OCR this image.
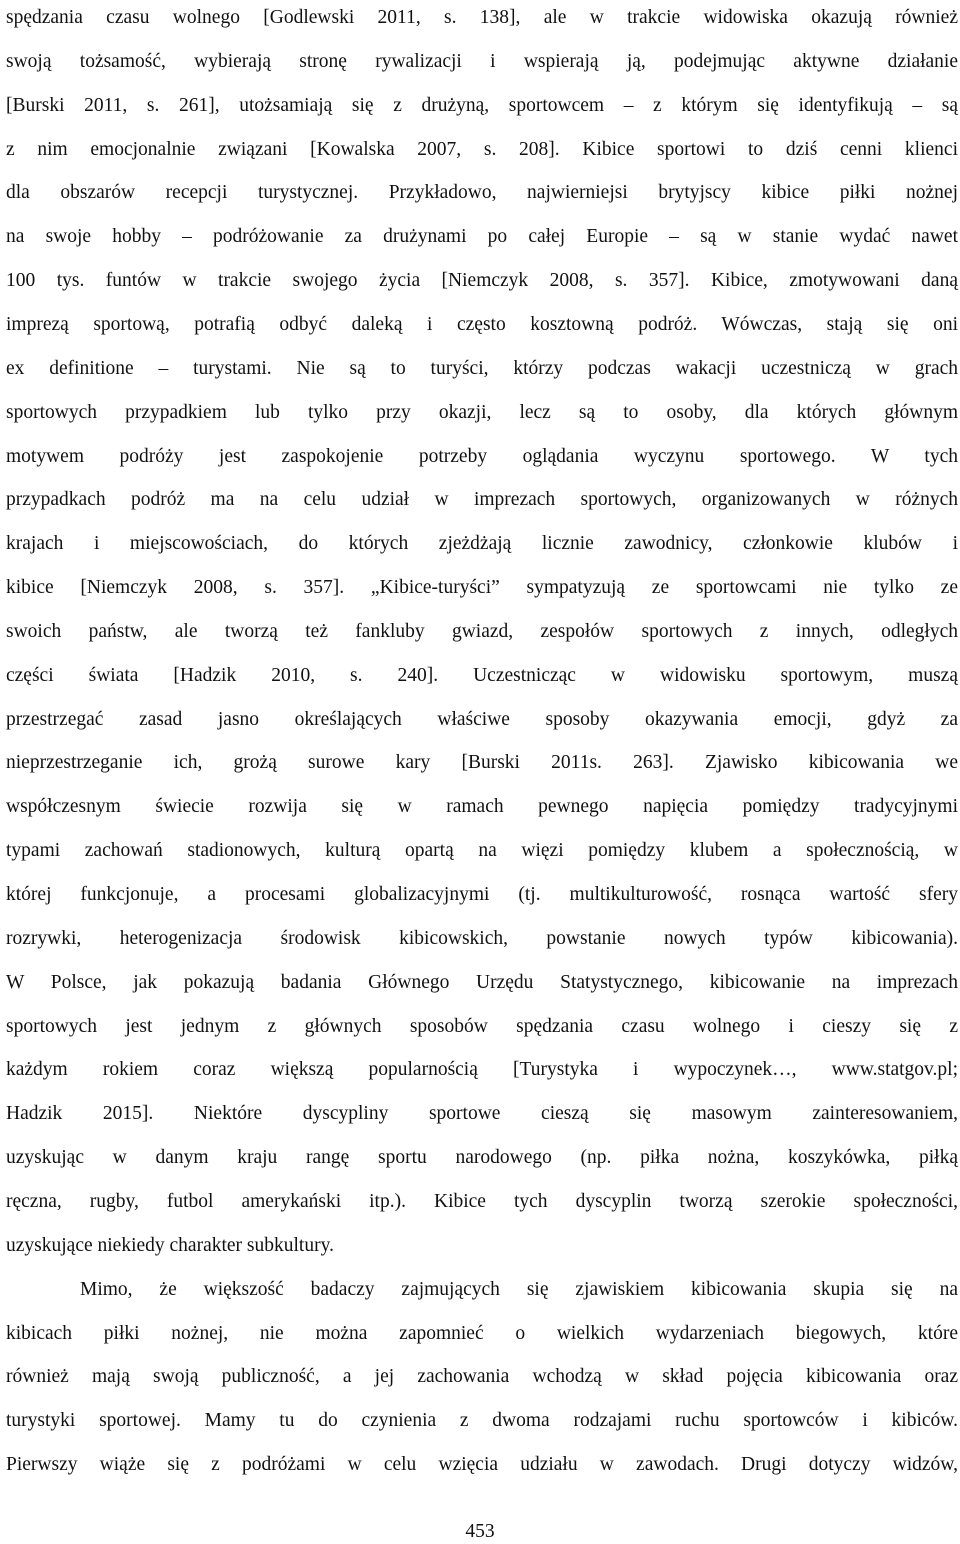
spędzania czasu wolnego [Godlewski 2011, s. 138], ale w trakcie widowiska okazują również
swoją tożsamość, wybierają stronę rywalizacji i wspierają ją, podejmując aktywne działanie
[Burski 2011, s. 261], utożsamiają się z drużyną, sportowcem – z którym się identyfikują – są
z nim emocjonalnie związani [Kowalska 2007, s. 208]. Kibice sportowi to dziś cenni klienci
dla obszarów recepcji turystycznej. Przykładowo, najwierniejsi brytyjscy kibice piłki nożnej
na swoje hobby – podróżowanie za drużynami po całej Europie – są w stanie wydać nawet
100 tys. funtów w trakcie swojego życia [Niemczyk 2008, s. 357]. Kibice, zmotywowani daną
imprezą sportową, potrafią odbyć daleką i często kosztowną podróż. Wówczas, stają się oni
ex definitione – turystami. Nie są to turyści, którzy podczas wakacji uczestniczą w grach
sportowych przypadkiem lub tylko przy okazji, lecz są to osoby, dla których głównym
motywem podróży jest zaspokojenie potrzeby oglądania wyczynu sportowego. W tych
przypadkach podróż ma na celu udział w imprezach sportowych, organizowanych w różnych
krajach i miejscowościach, do których zjeżdżają licznie zawodnicy, członkowie klubów i
kibice [Niemczyk 2008, s. 357]. „Kibice-turyści” sympatyzują ze sportowcami nie tylko ze
swoich państw, ale tworzą też fankluby gwiazd, zespołów sportowych z innych, odległych
części świata [Hadzik 2010, s. 240]. Uczestnicząc w widowisku sportowym, muszą
przestrzegać zasad jasno określających właściwe sposoby okazywania emocji, gdyż za
nieprzestrzeganie ich, grożą surowe kary [Burski 2011s. 263]. Zjawisko kibicowania we
współczesnym świecie rozwija się w ramach pewnego napięcia pomiędzy tradycyjnymi
typami zachowań stadionowych, kulturą opartą na więzi pomiędzy klubem a społecznością, w
której funkcjonuje, a procesami globalizacyjnymi (tj. multikulturowość, rosnąca wartość sfery
rozrywki, heterogenizacja środowisk kibicowskich, powstanie nowych typów kibicowania).
W Polsce, jak pokazują badania Głównego Urzędu Statystycznego, kibicowanie na imprezach
sportowych jest jednym z głównych sposobów spędzania czasu wolnego i cieszy się z
każdym rokiem coraz większą popularnością [Turystyka i wypoczynek…, www.statgov.pl;
Hadzik 2015]. Niektóre dyscypliny sportowe cieszą się masowym zainteresowaniem,
uzyskując w danym kraju rangę sportu narodowego (np. piłka nożna, koszykówka, piłką
ręczna, rugby, futbol amerykański itp.). Kibice tych dyscyplin tworzą szerokie społeczności,
uzyskujące niekiedy charakter subkultury.
Mimo, że większość badaczy zajmujących się zjawiskiem kibicowania skupia się na
kibicach piłki nożnej, nie można zapomnieć o wielkich wydarzeniach biegowych, które
również mają swoją publiczność, a jej zachowania wchodzą w skład pojęcia kibicowania oraz
turystyki sportowej. Mamy tu do czynienia z dwoma rodzajami ruchu sportowców i kibiców.
Pierwszy wiąże się z podróżami w celu wzięcia udziału w zawodach. Drugi dotyczy widzów,
453
